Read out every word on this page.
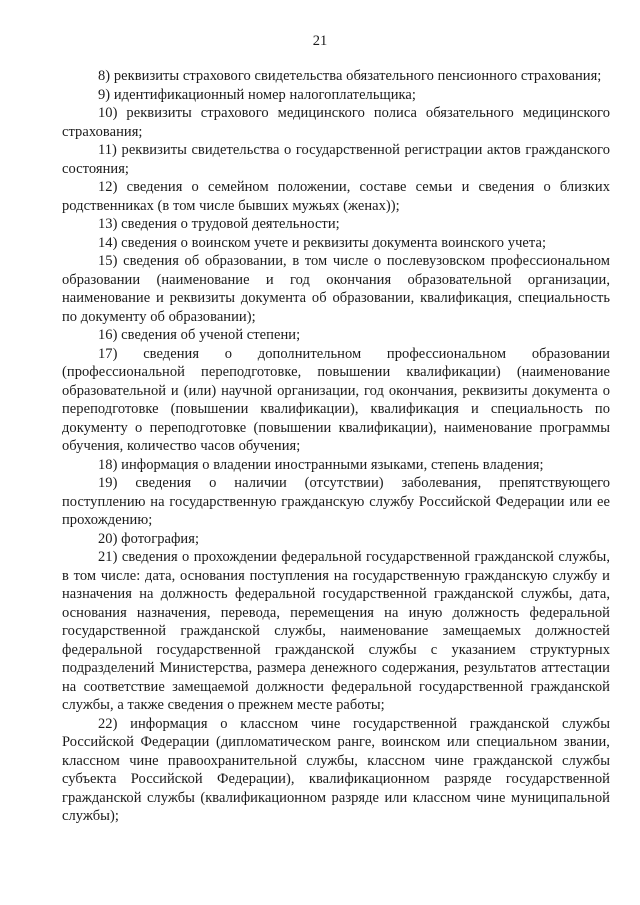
21

8) реквизиты страхового свидетельства обязательного пенсионного страхования;

9) идентификационный номер налогоплательщика;

10) реквизиты страхового медицинского полиса обязательного медицинского страхования;

11) реквизиты свидетельства о государственной регистрации актов гражданского состояния;

12) сведения о семейном положении, составе семьи и сведения о близких родственниках (в том числе бывших мужьях (женах));

13) сведения о трудовой деятельности;

14) сведения о воинском учете и реквизиты документа воинского учета;

15) сведения об образовании, в том числе о послевузовском профессиональном образовании (наименование и год окончания образовательной организации, наименование и реквизиты документа об образовании, квалификация, специальность по документу об образовании);

16) сведения об ученой степени;

17) сведения о дополнительном профессиональном образовании (профессиональной переподготовке, повышении квалификации) (наименование образовательной и (или) научной организации, год окончания, реквизиты документа о переподготовке (повышении квалификации), квалификация и специальность по документу о переподготовке (повышении квалификации), наименование программы обучения, количество часов обучения;

18) информация о владении иностранными языками, степень владения;

19) сведения о наличии (отсутствии) заболевания, препятствующего поступлению на государственную гражданскую службу Российской Федерации или ее прохождению;

20) фотография;

21) сведения о прохождении федеральной государственной гражданской службы, в том числе: дата, основания поступления на государственную гражданскую службу и назначения на должность федеральной государственной гражданской службы, дата, основания назначения, перевода, перемещения на иную должность федеральной государственной гражданской службы, наименование замещаемых должностей федеральной государственной гражданской службы с указанием структурных подразделений Министерства, размера денежного содержания, результатов аттестации на соответствие замещаемой должности федеральной государственной гражданской службы, а также сведения о прежнем месте работы;

22) информация о классном чине государственной гражданской службы Российской Федерации (дипломатическом ранге, воинском или специальном звании, классном чине правоохранительной службы, классном чине гражданской службы субъекта Российской Федерации), квалификационном разряде государственной гражданской службы (квалификационном разряде или классном чине муниципальной службы);
